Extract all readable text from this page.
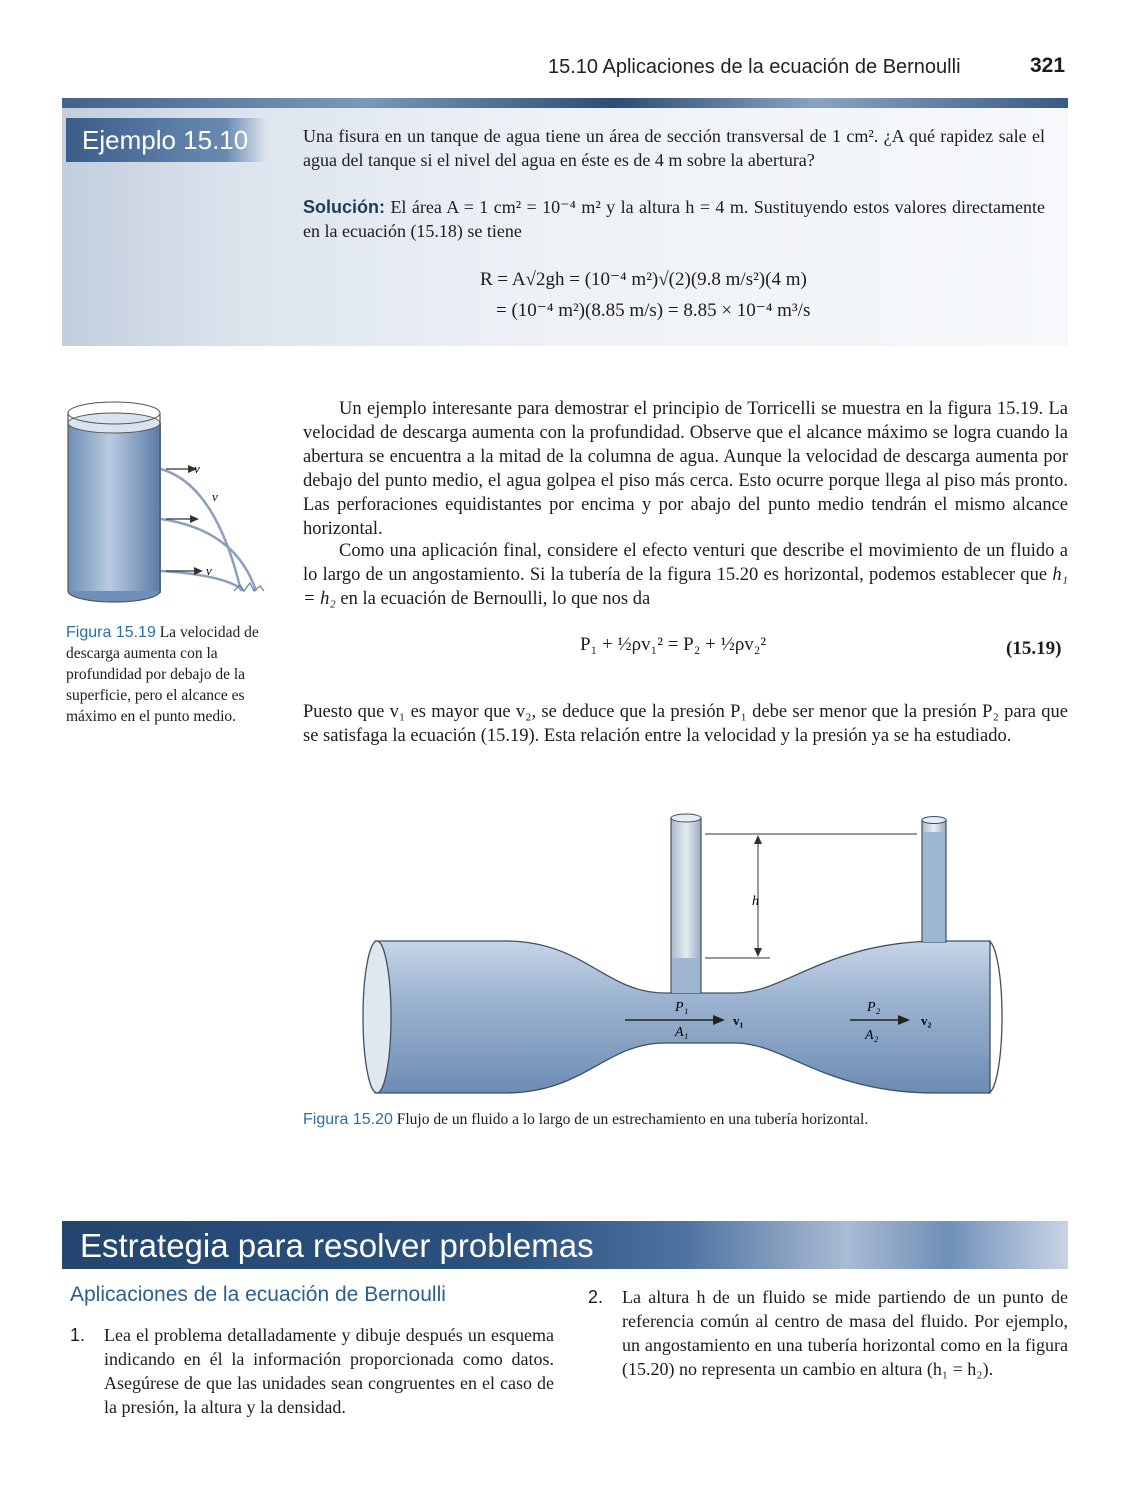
15.10 Aplicaciones de la ecuación de Bernoulli	321
Ejemplo 15.10	Una fisura en un tanque de agua tiene un área de sección transversal de 1 cm². ¿A qué rapidez sale el agua del tanque si el nivel del agua en éste es de 4 m sobre la abertura?
Solución: El área A = 1 cm² = 10⁻⁴ m² y la altura h = 4 m. Sustituyendo estos valores directamente en la ecuación (15.18) se tiene
R = A√2gh = (10⁻⁴ m²)√(2)(9.8 m/s²)(4 m)
= (10⁻⁴ m²)(8.85 m/s) = 8.85 × 10⁻⁴ m³/s
v
v
v
Figura 15.19 La velocidad de descarga aumenta con la profundidad por debajo de la superficie, pero el alcance es máximo en el punto medio.
Un ejemplo interesante para demostrar el principio de Torricelli se muestra en la figura 15.19. La velocidad de descarga aumenta con la profundidad. Observe que el alcance máximo se logra cuando la abertura se encuentra a la mitad de la columna de agua. Aunque la velocidad de descarga aumenta por debajo del punto medio, el agua golpea el piso más cerca. Esto ocurre porque llega al piso más pronto. Las perforaciones equidistantes por encima y por abajo del punto medio tendrán el mismo alcance horizontal.
Como una aplicación final, considere el efecto venturi que describe el movimiento de un fluido a lo largo de un angostamiento. Si la tubería de la figura 15.20 es horizontal, podemos establecer que h₁ = h₂ en la ecuación de Bernoulli, lo que nos da
P₁ + ½ρv₁² = P₂ + ½ρv₂²	(15.19)
Puesto que v₁ es mayor que v₂, se deduce que la presión P₁ debe ser menor que la presión P₂ para que se satisfaga la ecuación (15.19). Esta relación entre la velocidad y la presión ya se ha estudiado.
h
P₁
A₁
v₁
P₂
A₂
v₂
Figura 15.20 Flujo de un fluido a lo largo de un estrechamiento en una tubería horizontal.
Estrategia para resolver problemas
Aplicaciones de la ecuación de Bernoulli
1.	Lea el problema detalladamente y dibuje después un esquema indicando en él la información proporcionada como datos. Asegúrese de que las unidades sean congruentes en el caso de la presión, la altura y la densidad.
2.	La altura h de un fluido se mide partiendo de un punto de referencia común al centro de masa del fluido. Por ejemplo, un angostamiento en una tubería horizontal como en la figura (15.20) no representa un cambio en altura (h₁ = h₂).
